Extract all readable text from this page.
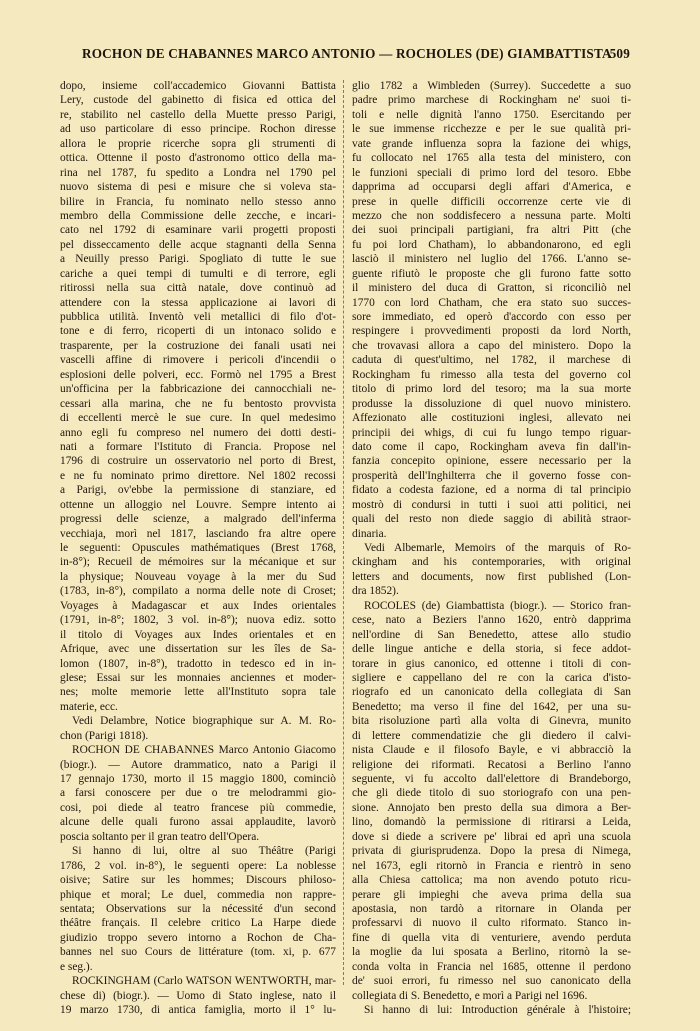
ROCHON DE CHABANNES MARCO ANTONIO — ROCHOLES (DE) GIAMBATTISTA
509
dopo, insieme coll'accademico Giovanni Battista
Lery, custode del gabinetto di fisica ed ottica del
re, stabilito nel castello della Muette presso Parigi,
ad uso particolare di esso principe. Rochon diresse
allora le proprie ricerche sopra gli strumenti di
ottica. Ottenne il posto d'astronomo ottico della ma-
rina nel 1787, fu spedito a Londra nel 1790 pel
nuovo sistema di pesi e misure che si voleva sta-
bilire in Francia, fu nominato nello stesso anno
membro della Commissione delle zecche, e incari-
cato nel 1792 di esaminare varii progetti proposti
pel disseccamento delle acque stagnanti della Senna
a Neuilly presso Parigi. Spogliato di tutte le sue
cariche a quei tempi di tumulti e di terrore, egli
ritirossi nella sua città natale, dove continuò ad
attendere con la stessa applicazione ai lavori di
pubblica utilità. Inventò veli metallici di filo d'ot-
tone e di ferro, ricoperti di un intonaco solido e
trasparente, per la costruzione dei fanali usati nei
vascelli affine di rimovere i pericoli d'incendii o
esplosioni delle polveri, ecc. Formò nel 1795 a Brest
un'officina per la fabbricazione dei cannocchiali ne-
cessari alla marina, che ne fu bentosto provvista
di eccellenti mercè le sue cure. In quel medesimo
anno egli fu compreso nel numero dei dotti desti-
nati a formare l'Istituto di Francia. Propose nel
1796 di costruire un osservatorio nel porto di Brest,
e ne fu nominato primo direttore. Nel 1802 recossi
a Parigi, ov'ebbe la permissione di stanziare, ed
ottenne un alloggio nel Louvre. Sempre intento ai
progressi delle scienze, a malgrado dell'inferma
vecchiaja, morì nel 1817, lasciando fra altre opere
le seguenti: Opuscules mathématiques (Brest 1768,
in-8°); Recueil de mémoires sur la mécanique et sur
la physique; Nouveau voyage à la mer du Sud
(1783, in-8°), compilato a norma delle note di Croset;
Voyages à Madagascar et aux Indes orientales
(1791, in-8°; 1802, 3 vol. in-8°); nuova ediz. sotto
il titolo di Voyages aux Indes orientales et en
Afrique, avec une dissertation sur les îles de Sa-
lomon (1807, in-8°), tradotto in tedesco ed in in-
glese; Essai sur les monnaies anciennes et moder-
nes; molte memorie lette all'Instituto sopra tale
materie, ecc.
Vedi Delambre, Notice biographique sur A. M. Ro-
chon (Parigi 1818).
ROCHON DE CHABANNES Marco Antonio Giacomo
(biogr.). — Autore drammatico, nato a Parigi il
17 gennajo 1730, morto il 15 maggio 1800, cominciò
a farsi conoscere per due o tre melodrammi gio-
cosi, poi diede al teatro francese più commedie,
alcune delle quali furono assai applaudite, lavorò
poscia soltanto per il gran teatro dell'Opera.
Si hanno di lui, oltre al suo Théâtre (Parigi
1786, 2 vol. in-8°), le seguenti opere: La noblesse
oisive; Satire sur les hommes; Discours philoso-
phique et moral; Le duel, commedia non rappre-
sentata; Observations sur la nécessité d'un second
théâtre français. Il celebre critico La Harpe diede
giudizio troppo severo intorno a Rochon de Cha-
bannes nel suo Cours de littérature (tom. xi, p. 677
e seg.).
ROCKINGHAM (Carlo WATSON WENTWORTH, mar-
chese di) (biogr.). — Uomo di Stato inglese, nato il
19 marzo 1730, di antica famiglia, morto il 1° lu-
glio 1782 a Wimbleden (Surrey). Succedette a suo
padre primo marchese di Rockingham ne' suoi ti-
toli e nelle dignità l'anno 1750. Esercitando per
le sue immense ricchezze e per le sue qualità pri-
vate grande influenza sopra la fazione dei whigs,
fu collocato nel 1765 alla testa del ministero, con
le funzioni speciali di primo lord del tesoro. Ebbe
dapprima ad occuparsi degli affari d'America, e
prese in quelle difficili occorrenze certe vie di
mezzo che non soddisfecero a nessuna parte. Molti
dei suoi principali partigiani, fra altri Pitt (che
fu poi lord Chatham), lo abbandonarono, ed egli
lasciò il ministero nel luglio del 1766. L'anno se-
guente rifiutò le proposte che gli furono fatte sotto
il ministero del duca di Gratton, si riconciliò nel
1770 con lord Chatham, che era stato suo succes-
sore immediato, ed operò d'accordo con esso per
respingere i provvedimenti proposti da lord North,
che trovavasi allora a capo del ministero. Dopo la
caduta di quest'ultimo, nel 1782, il marchese di
Rockingham fu rimesso alla testa del governo col
titolo di primo lord del tesoro; ma la sua morte
produsse la dissoluzione di quel nuovo ministero.
Affezionato alle costituzioni inglesi, allevato nei
principii dei whigs, di cui fu lungo tempo riguar-
dato come il capo, Rockingham aveva fin dall'in-
fanzia concepito opinione, essere necessario per la
prosperità dell'Inghilterra che il governo fosse con-
fidato a codesta fazione, ed a norma di tal principio
mostrò di condursi in tutti i suoi atti politici, nei
quali del resto non diede saggio di abilità straor-
dinaria.
Vedi Albemarle, Memoirs of the marquis of Ro-
ckingham and his contemporaries, with original
letters and documents, now first published (Lon-
dra 1852).
ROCOLES (de) Giambattista (biogr.). — Storico fran-
cese, nato a Beziers l'anno 1620, entrò dapprima
nell'ordine di San Benedetto, attese allo studio
delle lingue antiche e della storia, si fece addot-
torare in gius canonico, ed ottenne i titoli di con-
sigliere e cappellano del re con la carica d'isto-
riografo ed un canonicato della collegiata di San
Benedetto; ma verso il fine del 1642, per una su-
bita risoluzione partì alla volta di Ginevra, munito
di lettere commendatizie che gli diedero il calvi-
nista Claude e il filosofo Bayle, e vi abbracciò la
religione dei riformati. Recatosi a Berlino l'anno
seguente, vi fu accolto dall'elettore di Brandeborgo,
che gli diede titolo di suo storiografo con una pen-
sione. Annojato ben presto della sua dimora a Ber-
lino, domandò la permissione di ritirarsi a Leida,
dove si diede a scrivere pe' librai ed aprì una scuola
privata di giurisprudenza. Dopo la presa di Nimega,
nel 1673, egli ritornò in Francia e rientrò in seno
alla Chiesa cattolica; ma non avendo potuto ricu-
perare gli impieghi che aveva prima della sua
apostasia, non tardò a ritornare in Olanda per
professarvi di nuovo il culto riformato. Stanco in-
fine di quella vita di venturiere, avendo perduta
la moglie da lui sposata a Berlino, ritornò la se-
conda volta in Francia nel 1685, ottenne il perdono
de' suoi errori, fu rimesso nel suo canonicato della
collegiata di S. Benedetto, e morì a Parigi nel 1696.
Si hanno di lui: Introduction générale à l'histoire;
